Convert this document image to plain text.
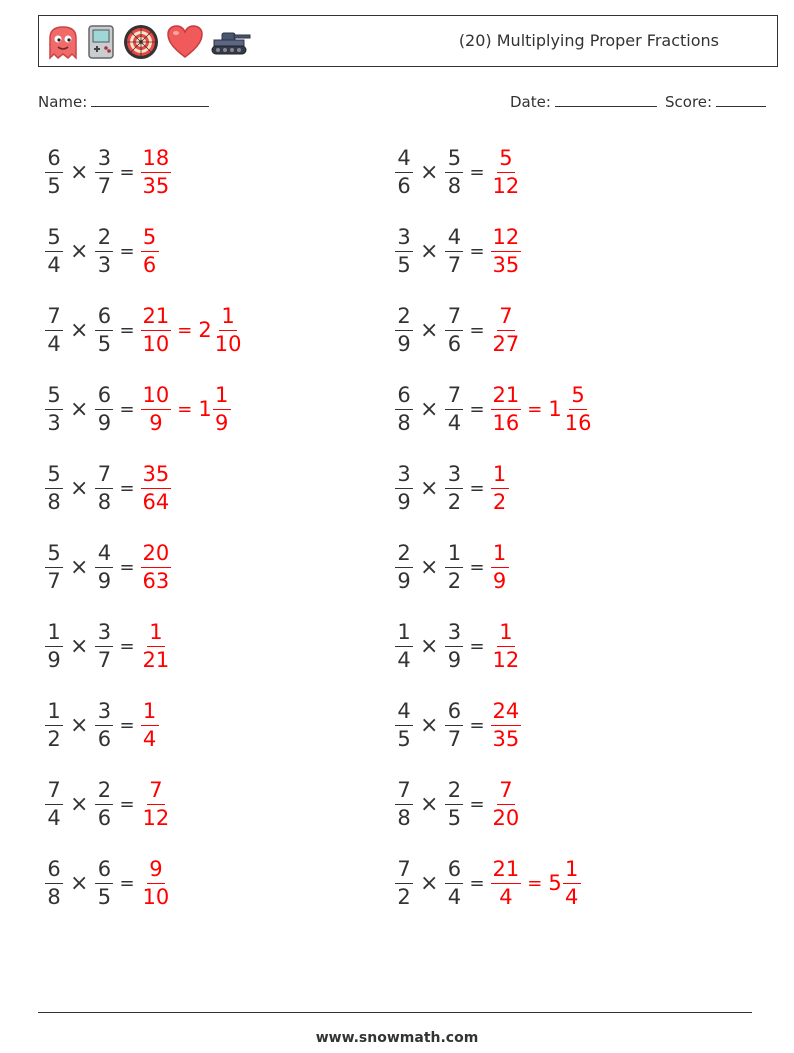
(20) Multiplying Proper Fractions
Name:	Date:	Score:
$\frac{6}{5} \times \frac{3}{7} = \frac{18}{35}$	$\frac{4}{6} \times \frac{5}{8} = \frac{5}{12}$
$\frac{5}{4} \times \frac{2}{3} = \frac{5}{6}$	$\frac{3}{5} \times \frac{4}{7} = \frac{12}{35}$
$\frac{7}{4} \times \frac{6}{5} = \frac{21}{10} = 2 \frac{1}{10}$	$\frac{2}{9} \times \frac{7}{6} = \frac{7}{27}$
$\frac{5}{3} \times \frac{6}{9} = \frac{10}{9} = 1 \frac{1}{9}$	$\frac{6}{8} \times \frac{7}{4} = \frac{21}{16} = 1 \frac{5}{16}$
$\frac{5}{8} \times \frac{7}{8} = \frac{35}{64}$	$\frac{3}{9} \times \frac{3}{2} = \frac{1}{2}$
$\frac{5}{7} \times \frac{4}{9} = \frac{20}{63}$	$\frac{2}{9} \times \frac{1}{2} = \frac{1}{9}$
$\frac{1}{9} \times \frac{3}{7} = \frac{1}{21}$	$\frac{1}{4} \times \frac{3}{9} = \frac{1}{12}$
$\frac{1}{2} \times \frac{3}{6} = \frac{1}{4}$	$\frac{4}{5} \times \frac{6}{7} = \frac{24}{35}$
$\frac{7}{4} \times \frac{2}{6} = \frac{7}{12}$	$\frac{7}{8} \times \frac{2}{5} = \frac{7}{20}$
$\frac{6}{8} \times \frac{6}{5} = \frac{9}{10}$	$\frac{7}{2} \times \frac{6}{4} = \frac{21}{4} = 5 \frac{1}{4}$
www.snowmath.com
